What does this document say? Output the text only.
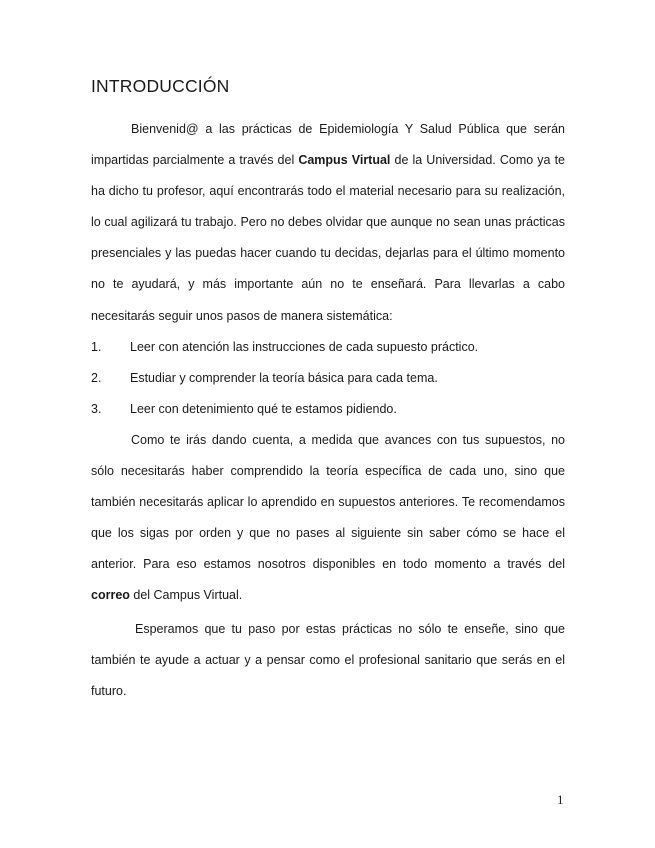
INTRODUCCIÓN

Bienvenid@ a las prácticas de Epidemiología Y Salud Pública que serán impartidas parcialmente a través del Campus Virtual de la Universidad. Como ya te ha dicho tu profesor, aquí encontrarás todo el material necesario para su realización, lo cual agilizará tu trabajo. Pero no debes olvidar que aunque no sean unas prácticas presenciales y las puedas hacer cuando tu decidas, dejarlas para el último momento no te ayudará, y más importante aún no te enseñará. Para llevarlas a cabo necesitarás seguir unos pasos de manera sistemática:

1.	Leer con atención las instrucciones de cada supuesto práctico.
2.	Estudiar y comprender la teoría básica para cada tema.
3.	Leer con detenimiento qué te estamos pidiendo.

Como te irás dando cuenta, a medida que avances con tus supuestos, no sólo necesitarás haber comprendido la teoría específica de cada uno, sino que también necesitarás aplicar lo aprendido en supuestos anteriores. Te recomendamos que los sigas por orden y que no pases al siguiente sin saber cómo se hace el anterior. Para eso estamos nosotros disponibles en todo momento a través del correo del Campus Virtual.

Esperamos que tu paso por estas prácticas no sólo te enseñe, sino que también te ayude a actuar y a pensar como el profesional sanitario que serás en el futuro.

1
